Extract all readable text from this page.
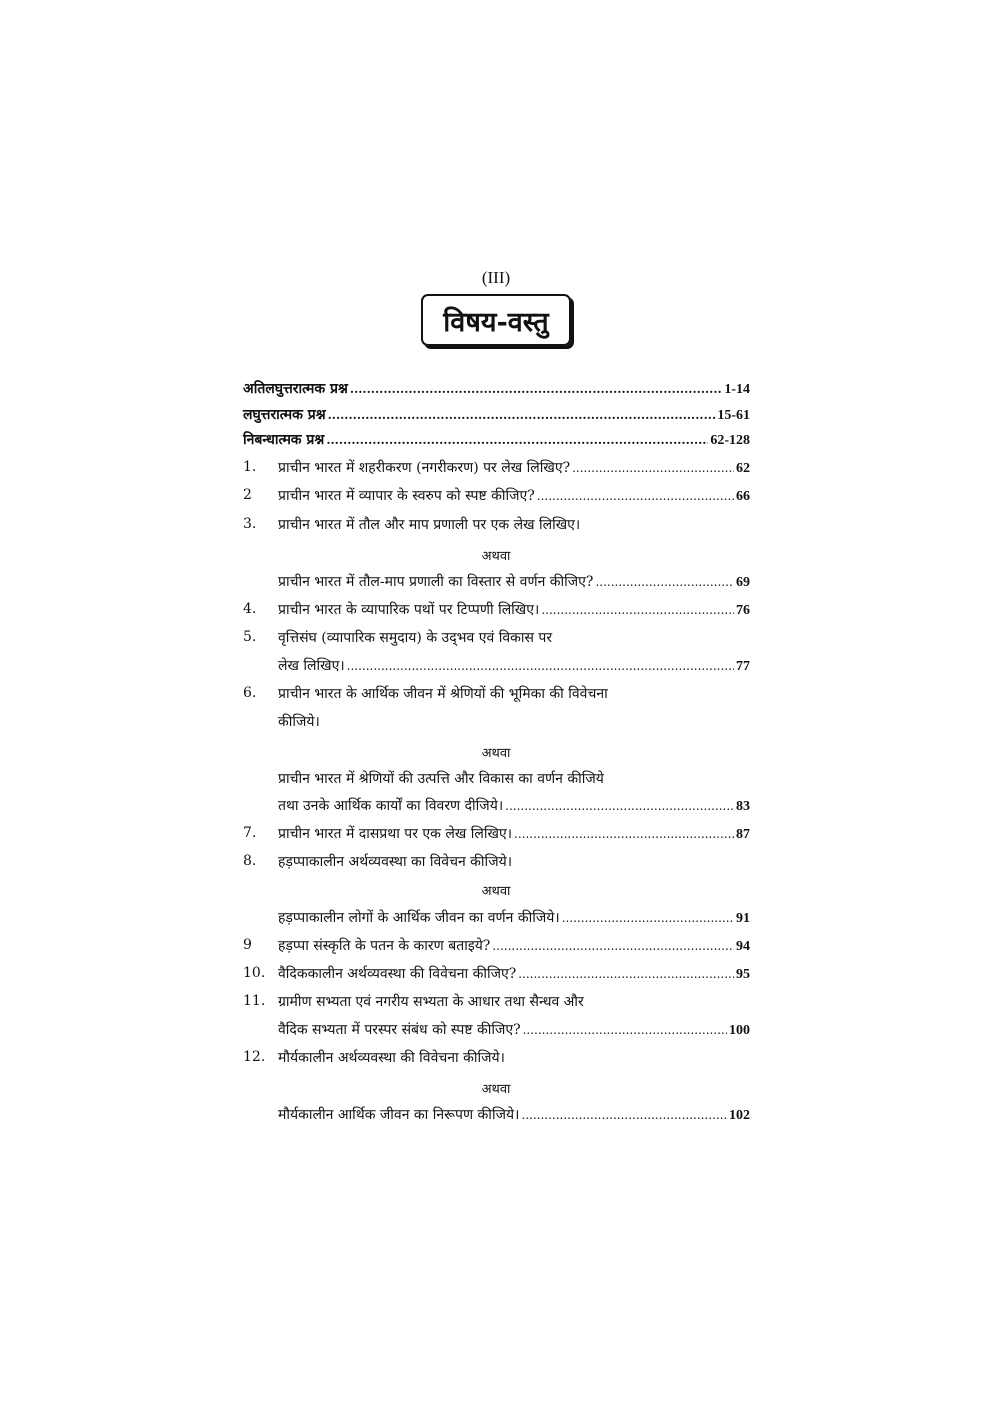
(III)
विषय-वस्तु
अतिलघुत्तरात्मक प्रश्न .....	1-14
लघुत्तरात्मक प्रश्न .....	15-61
निबन्धात्मक प्रश्न .....	62-128
1. प्राचीन भारत में शहरीकरण (नगरीकरण) पर लेख लिखिए? .....	62
2 प्राचीन भारत में व्यापार के स्वरुप को स्पष्ट कीजिए? .....	66
3. प्राचीन भारत में तौल और माप प्रणाली पर एक लेख लिखिए।
अथवा
प्राचीन भारत में तौल-माप प्रणाली का विस्तार से वर्णन कीजिए? .....	69
4. प्राचीन भारत के व्यापारिक पथों पर टिप्पणी लिखिए। .....	76
5. वृत्तिसंघ (व्यापारिक समुदाय) के उद्‌भव एवं विकास पर
लेख लिखिए। .....	77
6. प्राचीन भारत के आर्थिक जीवन में श्रेणियों की भूमिका की विवेचना
कीजिये।
अथवा
प्राचीन भारत में श्रेणियों की उत्पत्ति और विकास का वर्णन कीजिये
तथा उनके आर्थिक कार्यों का विवरण दीजिये। .....	83
7. प्राचीन भारत में दासप्रथा पर एक लेख लिखिए। .....	87
8. हड़प्पाकालीन अर्थव्यवस्था का विवेचन कीजिये।
अथवा
हड़प्पाकालीन लोगों के आर्थिक जीवन का वर्णन कीजिये। .....	91
9 हड़प्पा संस्कृति के पतन के कारण बताइये? .....	94
10. वैदिककालीन अर्थव्यवस्था की विवेचना कीजिए? .....	95
11. ग्रामीण सभ्यता एवं नगरीय सभ्यता के आधार तथा सैन्धव और
वैदिक सभ्यता में परस्पर संबंध को स्पष्ट कीजिए? .....	100
12. मौर्यकालीन अर्थव्यवस्था की विवेचना कीजिये।
अथवा
मौर्यकालीन आर्थिक जीवन का निरूपण कीजिये। .....	102
